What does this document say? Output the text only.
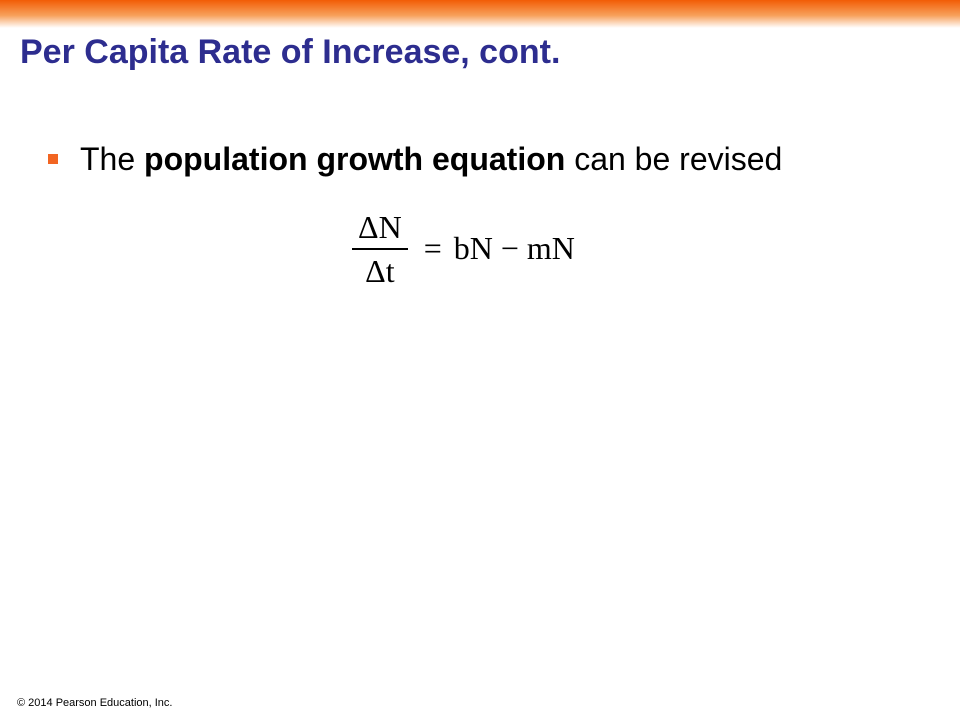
Per Capita Rate of Increase, cont.
The population growth equation can be revised
$\frac{\Delta N}{\Delta t}$ = bN − mN
© 2014 Pearson Education, Inc.
